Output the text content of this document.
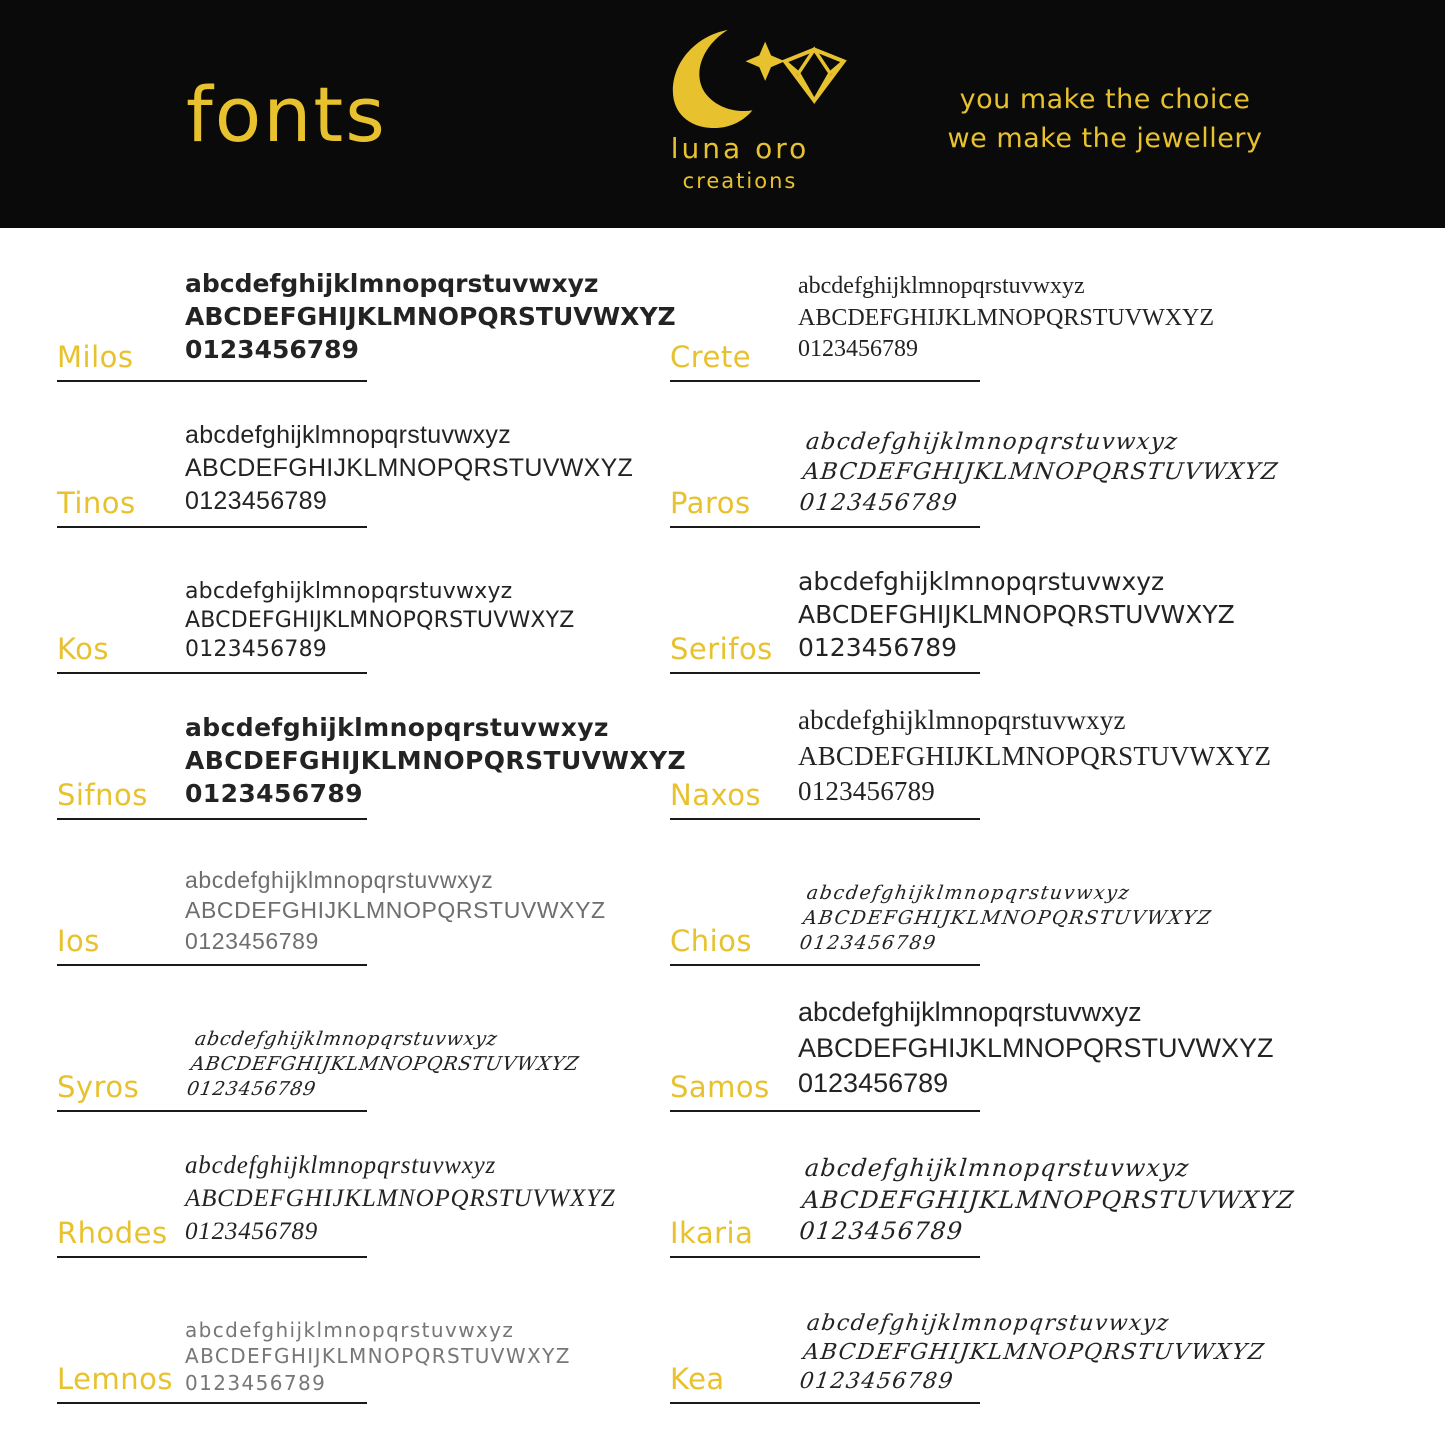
fonts	luna oro
creations
you make the choice
we make the jewellery
abcdefghijklmnopqrstuvwxyz
ABCDEFGHIJKLMNOPQRSTUVWXYZ
0123456789
Milos
abcdefghijklmnopqrstuvwxyz
ABCDEFGHIJKLMNOPQRSTUVWXYZ
0123456789
Crete
abcdefghijklmnopqrstuvwxyz
ABCDEFGHIJKLMNOPQRSTUVWXYZ
0123456789
Tinos
abcdefghijklmnopqrstuvwxyz
ABCDEFGHIJKLMNOPQRSTUVWXYZ
0123456789
Paros
abcdefghijklmnopqrstuvwxyz
ABCDEFGHIJKLMNOPQRSTUVWXYZ
0123456789
Kos
abcdefghijklmnopqrstuvwxyz
ABCDEFGHIJKLMNOPQRSTUVWXYZ
0123456789
Serifos
abcdefghijklmnopqrstuvwxyz
ABCDEFGHIJKLMNOPQRSTUVWXYZ
0123456789
Sifnos
abcdefghijklmnopqrstuvwxyz
ABCDEFGHIJKLMNOPQRSTUVWXYZ
0123456789
Naxos
abcdefghijklmnopqrstuvwxyz
ABCDEFGHIJKLMNOPQRSTUVWXYZ
0123456789
Ios
abcdefghijklmnopqrstuvwxyz
ABCDEFGHIJKLMNOPQRSTUVWXYZ
0123456789
Chios
abcdefghijklmnopqrstuvwxyz
ABCDEFGHIJKLMNOPQRSTUVWXYZ
0123456789
Syros
abcdefghijklmnopqrstuvwxyz
ABCDEFGHIJKLMNOPQRSTUVWXYZ
0123456789
Samos
abcdefghijklmnopqrstuvwxyz
ABCDEFGHIJKLMNOPQRSTUVWXYZ
0123456789
Rhodes
abcdefghijklmnopqrstuvwxyz
ABCDEFGHIJKLMNOPQRSTUVWXYZ
0123456789
Ikaria
abcdefghijklmnopqrstuvwxyz
ABCDEFGHIJKLMNOPQRSTUVWXYZ
0123456789
Lemnos
abcdefghijklmnopqrstuvwxyz
ABCDEFGHIJKLMNOPQRSTUVWXYZ
0123456789
Kea
